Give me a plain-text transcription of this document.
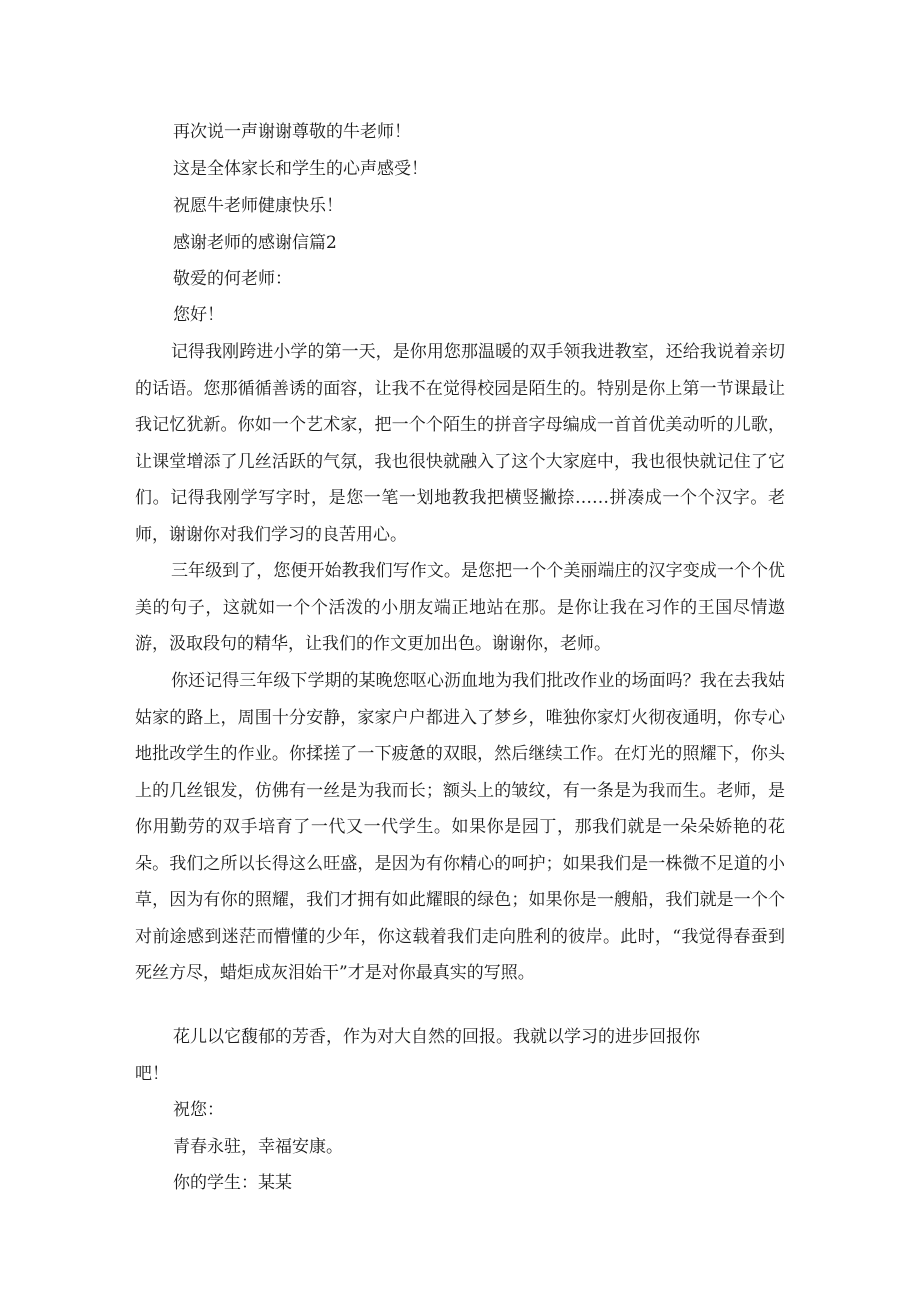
再次说一声谢谢尊敬的牛老师！
这是全体家长和学生的心声感受！
祝愿牛老师健康快乐！
感谢老师的感谢信篇2
敬爱的何老师：
您好！
记得我刚跨进小学的第一天，是你用您那温暖的双手领我进教室，还给我说着亲切的话语。您那循循善诱的面容，让我不在觉得校园是陌生的。特别是你上第一节课最让我记忆犹新。你如一个艺术家，把一个个陌生的拼音字母编成一首首优美动听的儿歌，让课堂增添了几丝活跃的气氛，我也很快就融入了这个大家庭中，我也很快就记住了它们。记得我刚学写字时，是您一笔一划地教我把横竖撇捺……拼凑成一个个汉字。老师，谢谢你对我们学习的良苦用心。
三年级到了，您便开始教我们写作文。是您把一个个美丽端庄的汉字变成一个个优美的句子，这就如一个个活泼的小朋友端正地站在那。是你让我在习作的王国尽情遨游，汲取段句的精华，让我们的作文更加出色。谢谢你，老师。
你还记得三年级下学期的某晚您呕心沥血地为我们批改作业的场面吗？我在去我姑姑家的路上，周围十分安静，家家户户都进入了梦乡，唯独你家灯火彻夜通明，你专心地批改学生的作业。你揉搓了一下疲惫的双眼，然后继续工作。在灯光的照耀下，你头上的几丝银发，仿佛有一丝是为我而长；额头上的皱纹，有一条是为我而生。老师，是你用勤劳的双手培育了一代又一代学生。如果你是园丁，那我们就是一朵朵娇艳的花朵。我们之所以长得这么旺盛，是因为有你精心的呵护；如果我们是一株微不足道的小草，因为有你的照耀，我们才拥有如此耀眼的绿色；如果你是一艘船，我们就是一个个对前途感到迷茫而懵懂的少年，你这载着我们走向胜利的彼岸。此时，“我觉得春蚕到死丝方尽，蜡炬成灰泪始干”才是对你最真实的写照。
花儿以它馥郁的芳香，作为对大自然的回报。我就以学习的进步回报你
吧！
祝您：
青春永驻，幸福安康。
你的学生：某某
